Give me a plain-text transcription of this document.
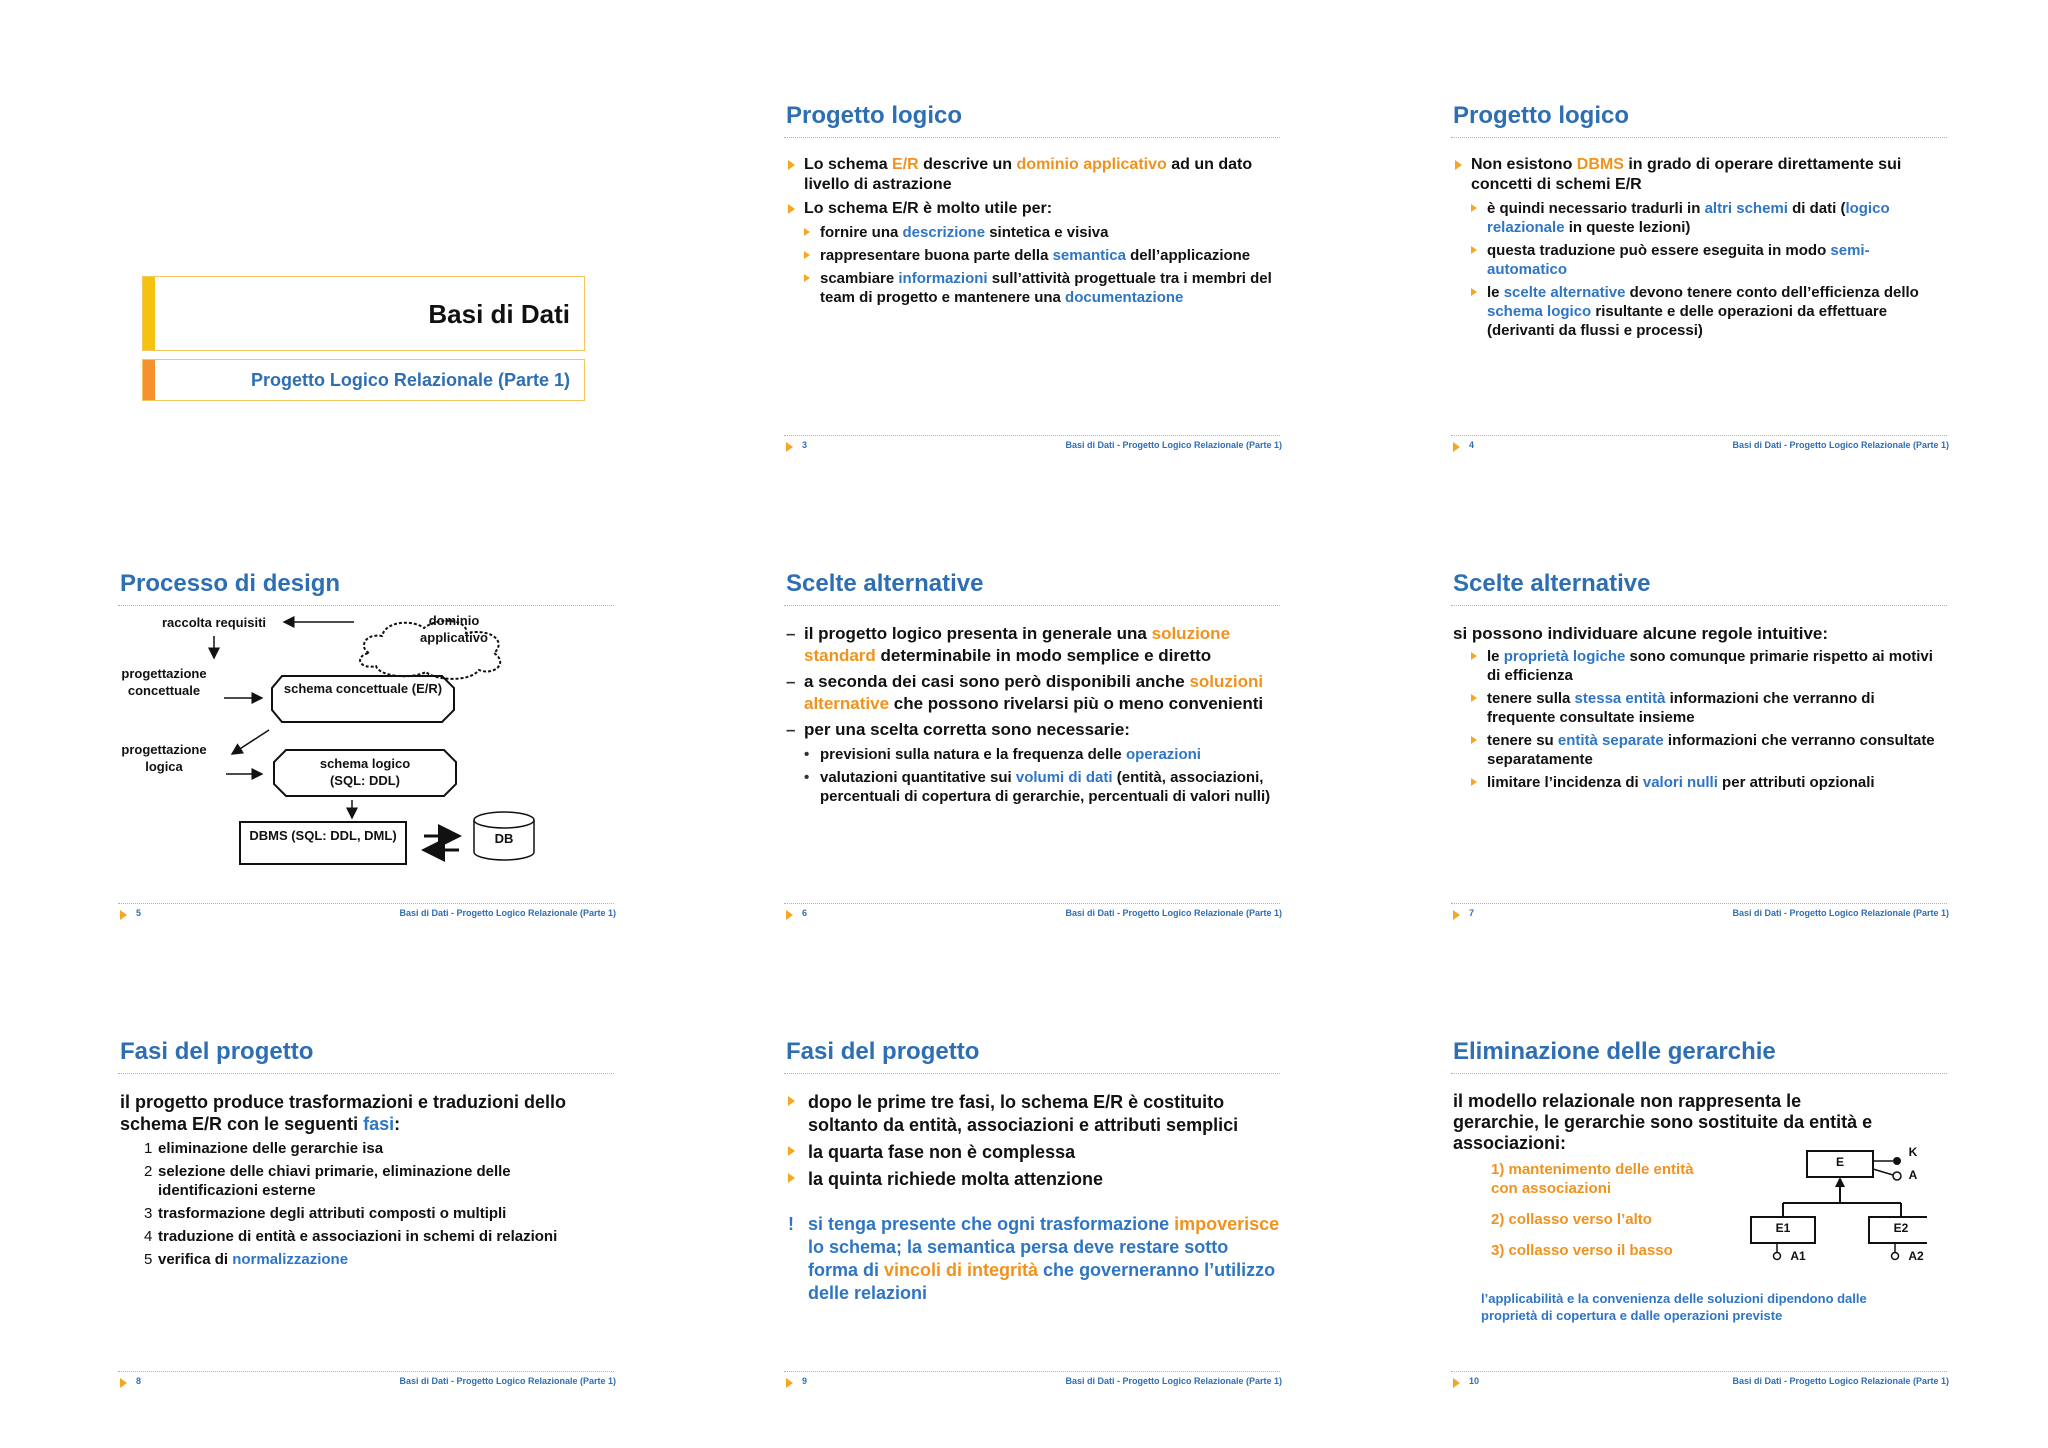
Basi di Dati
Progetto Logico Relazionale (Parte 1)
Progetto logico
Lo schema E/R descrive un dominio applicativo ad un dato livello di astrazione
Lo schema E/R è molto utile per:
fornire una descrizione sintetica e visiva
rappresentare buona parte della semantica dell’applicazione
scambiare informazioni sull’attività progettuale tra i membri del team di progetto e mantenere una documentazione
3	Basi di Dati - Progetto Logico Relazionale (Parte 1)
Progetto logico
Non esistono DBMS in grado di operare direttamente sui concetti di schemi E/R
è quindi necessario tradurli in altri schemi di dati (logico relazionale in queste lezioni)
questa traduzione può essere eseguita in modo semi-automatico
le scelte alternative devono tenere conto dell’efficienza dello schema logico risultante e delle operazioni da effettuare (derivanti da flussi e processi)
4	Basi di Dati - Progetto Logico Relazionale (Parte 1)
Processo di design
raccolta requisiti	dominio applicativo
progettazione concettuale	schema concettuale (E/R)
progettazione logica	schema logico (SQL: DDL)
DBMS (SQL: DDL, DML)	DB
5	Basi di Dati - Progetto Logico Relazionale (Parte 1)
Scelte alternative
– il progetto logico presenta in generale una soluzione standard determinabile in modo semplice e diretto
– a seconda dei casi sono però disponibili anche soluzioni alternative che possono rivelarsi più o meno convenienti
– per una scelta corretta sono necessarie:
• previsioni sulla natura e la frequenza delle operazioni
• valutazioni quantitative sui volumi di dati (entità, associazioni, percentuali di copertura di gerarchie, percentuali di valori nulli)
6	Basi di Dati - Progetto Logico Relazionale (Parte 1)
Scelte alternative
si possono individuare alcune regole intuitive:
le proprietà logiche sono comunque primarie rispetto ai motivi di efficienza
tenere sulla stessa entità informazioni che verranno di frequente consultate insieme
tenere su entità separate informazioni che verranno consultate separatamente
limitare l’incidenza di valori nulli per attributi opzionali
7	Basi di Dati - Progetto Logico Relazionale (Parte 1)
Fasi del progetto
il progetto produce trasformazioni e traduzioni dello schema E/R con le seguenti fasi:
1 eliminazione delle gerarchie isa
2 selezione delle chiavi primarie, eliminazione delle identificazioni esterne
3 trasformazione degli attributi composti o multipli
4 traduzione di entità e associazioni in schemi di relazioni
5 verifica di normalizzazione
8	Basi di Dati - Progetto Logico Relazionale (Parte 1)
Fasi del progetto
dopo le prime tre fasi, lo schema E/R è costituito soltanto da entità, associazioni e attributi semplici
la quarta fase non è complessa
la quinta richiede molta attenzione
! si tenga presente che ogni trasformazione impoverisce lo schema; la semantica persa deve restare sotto forma di vincoli di integrità che governeranno l’utilizzo delle relazioni
9	Basi di Dati - Progetto Logico Relazionale (Parte 1)
Eliminazione delle gerarchie
il modello relazionale non rappresenta le gerarchie, le gerarchie sono sostituite da entità e associazioni:
1) mantenimento delle entità con associazioni
2) collasso verso l’alto
3) collasso verso il basso
E
K
A
E1	E2
A1	A2
l’applicabilità e la convenienza delle soluzioni dipendono dalle proprietà di copertura e dalle operazioni previste
10	Basi di Dati - Progetto Logico Relazionale (Parte 1)
